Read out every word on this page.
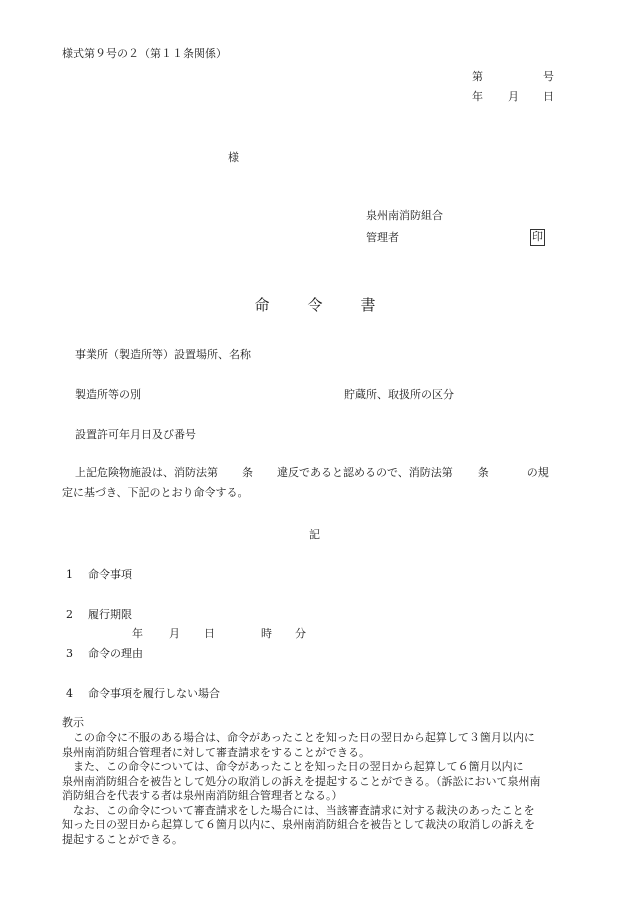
様式第９号の２（第１１条関係）
第	号
年 月 日
様
泉州南消防組合
管理者	印
命	令	書
事業所（製造所等）設置場所、名称
製造所等の別	貯蔵所、取扱所の区分
設置許可年月日及び番号
上記危険物施設は、消防法第 条 違反であると認めるので、消防法第 条	の規
定に基づき、下記のとおり命令する。
記
1 命令事項
2 履行期限
年 月 日	時 分
3 命令の理由
4 命令事項を履行しない場合
教示
　この命令に不服のある場合は、命令があったことを知った日の翌日から起算して３箇月以内に
泉州南消防組合管理者に対して審査請求をすることができる。
　また、この命令については、命令があったことを知った日の翌日から起算して６箇月以内に
泉州南消防組合を被告として処分の取消しの訴えを提起することができる。（訴訟において泉州南
消防組合を代表する者は泉州南消防組合管理者となる。）
　なお、この命令について審査請求をした場合には、当該審査請求に対する裁決のあったことを
知った日の翌日から起算して６箇月以内に、泉州南消防組合を被告として裁決の取消しの訴えを
提起することができる。
